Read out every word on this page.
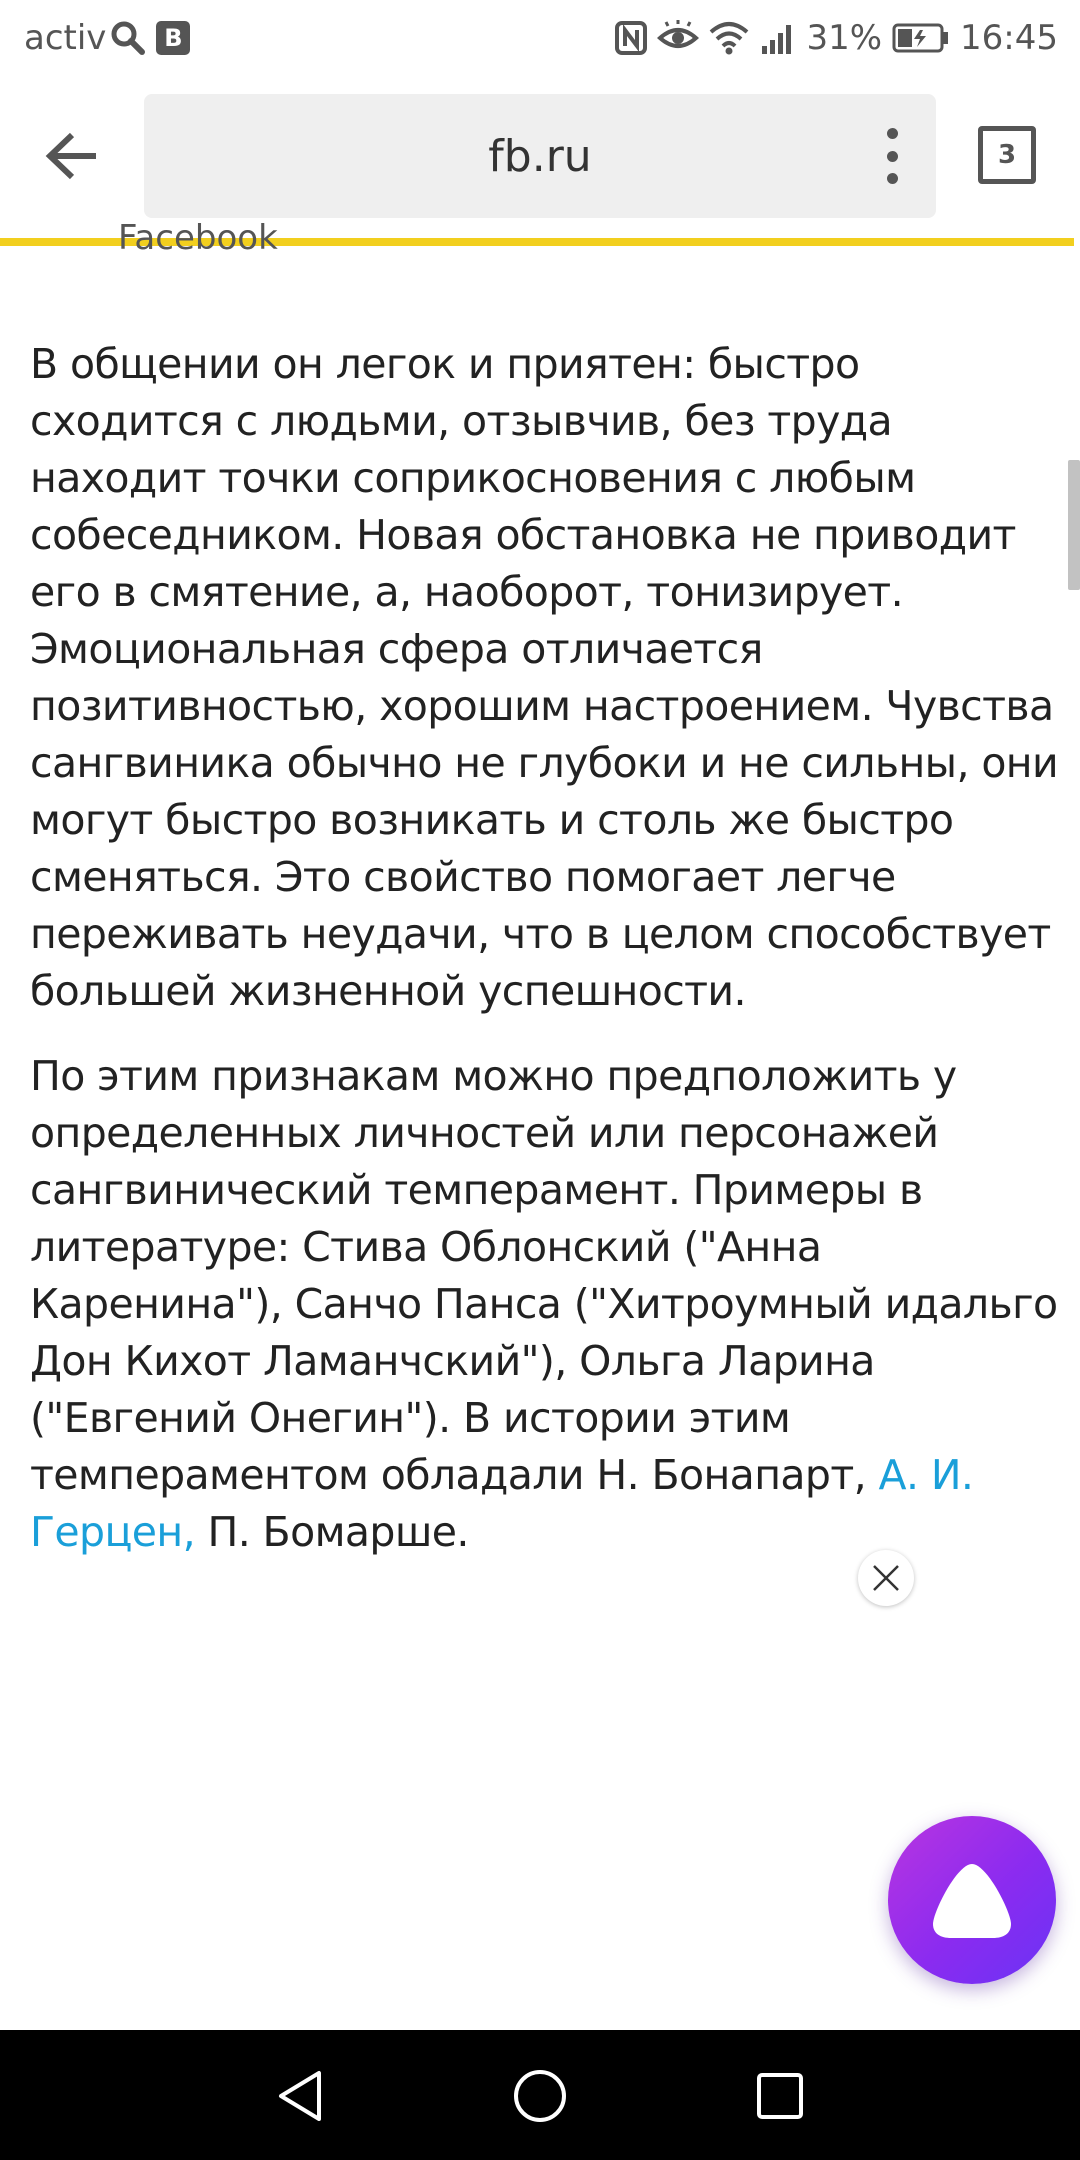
activ	B	31% 16:45
fb.ru	3
Facebook

В общении он легок и приятен: быстро сходится с людьми, отзывчив, без труда находит точки соприкосновения с любым собеседником. Новая обстановка не приводит его в смятение, а, наоборот, тонизирует. Эмоциональная сфера отличается позитивностью, хорошим настроением. Чувства сангвиника обычно не глубоки и не сильны, они могут быстро возникать и столь же быстро сменяться. Это свойство помогает легче переживать неудачи, что в целом способствует большей жизненной успешности.

По этим признакам можно предположить у определенных личностей или персонажей сангвинический темперамент. Примеры в литературе: Стива Облонский ("Анна Каренина"), Санчо Панса ("Хитроумный идальго Дон Кихот Ламанчский"), Ольга Ларина ("Евгений Онегин"). В истории этим темпераментом обладали Н. Бонапарт, А. И. Герцен, П. Бомарше.
